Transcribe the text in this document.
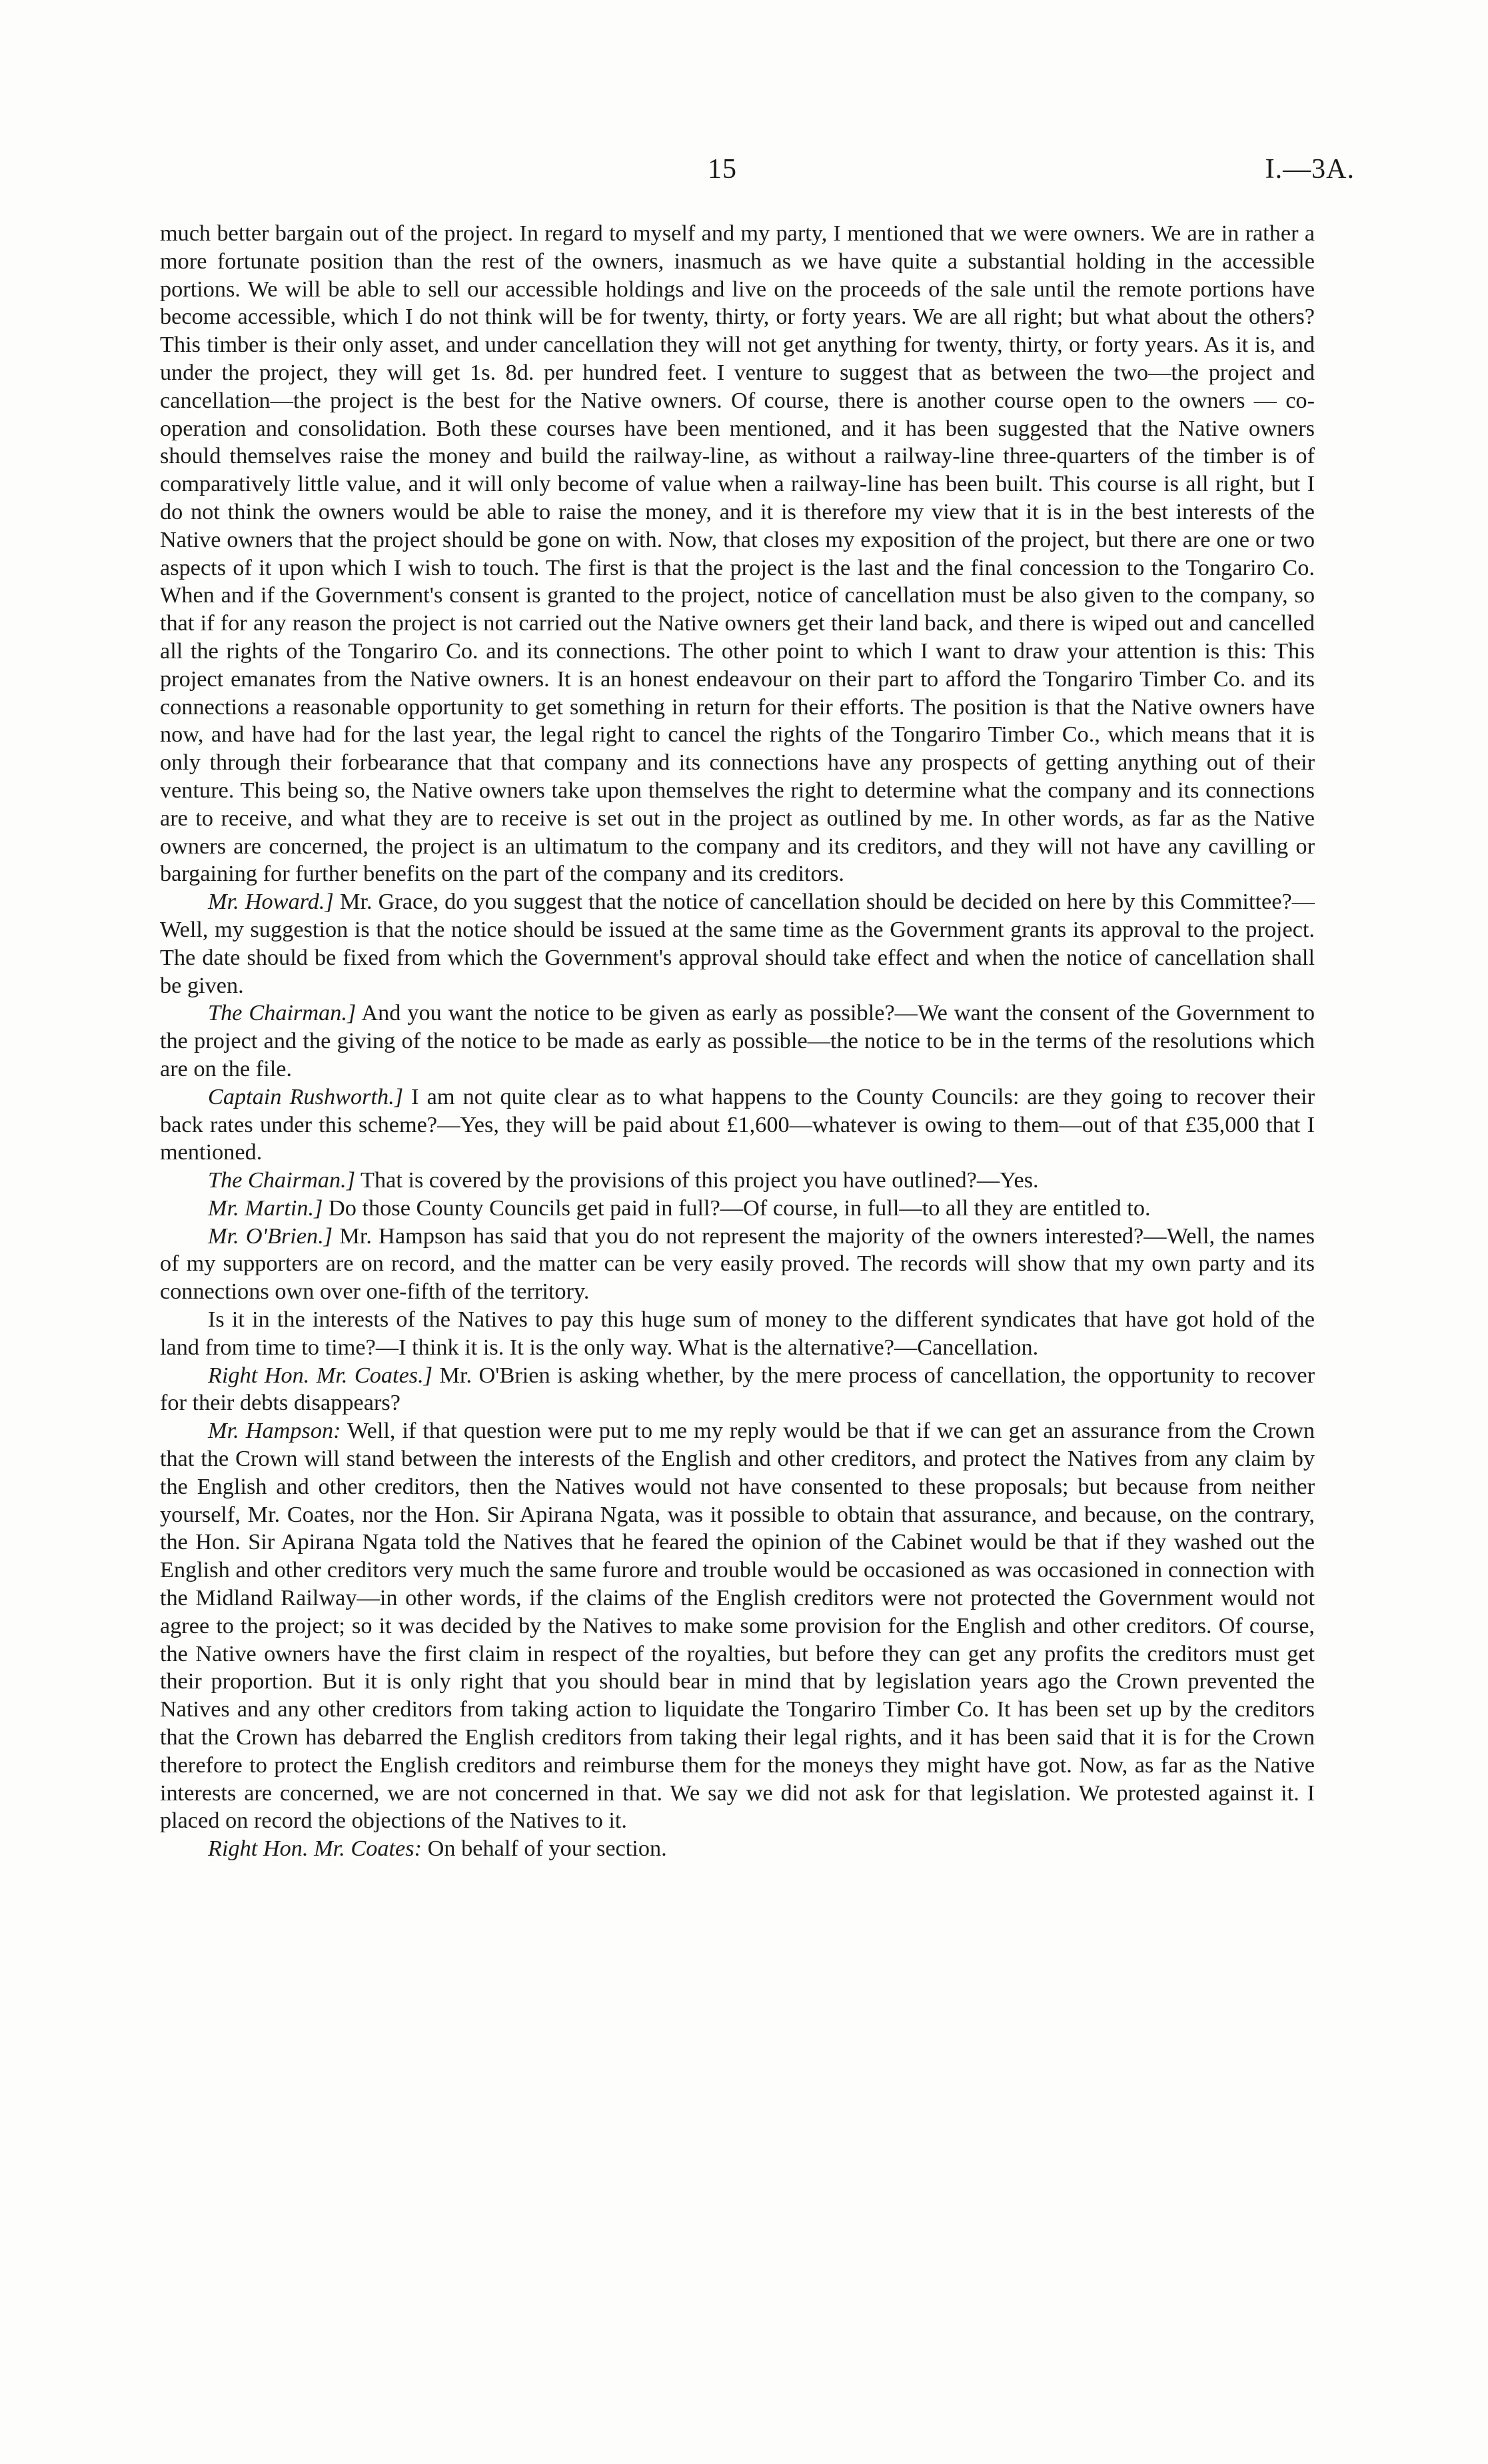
15	I.—3A.

much better bargain out of the project. In regard to myself and my party, I mentioned that we were owners. We are in rather a more fortunate position than the rest of the owners, inasmuch as we have quite a substantial holding in the accessible portions. We will be able to sell our accessible holdings and live on the proceeds of the sale until the remote portions have become accessible, which I do not think will be for twenty, thirty, or forty years. We are all right; but what about the others? This timber is their only asset, and under cancellation they will not get anything for twenty, thirty, or forty years. As it is, and under the project, they will get 1s. 8d. per hundred feet. I venture to suggest that as between the two—the project and cancellation—the project is the best for the Native owners. Of course, there is another course open to the owners — co-operation and consolidation. Both these courses have been mentioned, and it has been suggested that the Native owners should themselves raise the money and build the railway-line, as without a railway-line three-quarters of the timber is of comparatively little value, and it will only become of value when a railway-line has been built. This course is all right, but I do not think the owners would be able to raise the money, and it is therefore my view that it is in the best interests of the Native owners that the project should be gone on with. Now, that closes my exposition of the project, but there are one or two aspects of it upon which I wish to touch. The first is that the project is the last and the final concession to the Tongariro Co. When and if the Government's consent is granted to the project, notice of cancellation must be also given to the company, so that if for any reason the project is not carried out the Native owners get their land back, and there is wiped out and cancelled all the rights of the Tongariro Co. and its connections. The other point to which I want to draw your attention is this: This project emanates from the Native owners. It is an honest endeavour on their part to afford the Tongariro Timber Co. and its connections a reasonable opportunity to get something in return for their efforts. The position is that the Native owners have now, and have had for the last year, the legal right to cancel the rights of the Tongariro Timber Co., which means that it is only through their forbearance that that company and its connections have any prospects of getting anything out of their venture. This being so, the Native owners take upon themselves the right to determine what the company and its connections are to receive, and what they are to receive is set out in the project as outlined by me. In other words, as far as the Native owners are concerned, the project is an ultimatum to the company and its creditors, and they will not have any cavilling or bargaining for further benefits on the part of the company and its creditors.

Mr. Howard.] Mr. Grace, do you suggest that the notice of cancellation should be decided on here by this Committee?—Well, my suggestion is that the notice should be issued at the same time as the Government grants its approval to the project. The date should be fixed from which the Government's approval should take effect and when the notice of cancellation shall be given.

The Chairman.] And you want the notice to be given as early as possible?—We want the consent of the Government to the project and the giving of the notice to be made as early as possible—the notice to be in the terms of the resolutions which are on the file.

Captain Rushworth.] I am not quite clear as to what happens to the County Councils: are they going to recover their back rates under this scheme?—Yes, they will be paid about £1,600—whatever is owing to them—out of that £35,000 that I mentioned.

The Chairman.] That is covered by the provisions of this project you have outlined?—Yes.

Mr. Martin.] Do those County Councils get paid in full?—Of course, in full—to all they are entitled to.

Mr. O'Brien.] Mr. Hampson has said that you do not represent the majority of the owners interested?—Well, the names of my supporters are on record, and the matter can be very easily proved. The records will show that my own party and its connections own over one-fifth of the territory.

Is it in the interests of the Natives to pay this huge sum of money to the different syndicates that have got hold of the land from time to time?—I think it is. It is the only way. What is the alternative?—Cancellation.

Right Hon. Mr. Coates.] Mr. O'Brien is asking whether, by the mere process of cancellation, the opportunity to recover for their debts disappears?

Mr. Hampson: Well, if that question were put to me my reply would be that if we can get an assurance from the Crown that the Crown will stand between the interests of the English and other creditors, and protect the Natives from any claim by the English and other creditors, then the Natives would not have consented to these proposals; but because from neither yourself, Mr. Coates, nor the Hon. Sir Apirana Ngata, was it possible to obtain that assurance, and because, on the contrary, the Hon. Sir Apirana Ngata told the Natives that he feared the opinion of the Cabinet would be that if they washed out the English and other creditors very much the same furore and trouble would be occasioned as was occasioned in connection with the Midland Railway—in other words, if the claims of the English creditors were not protected the Government would not agree to the project; so it was decided by the Natives to make some provision for the English and other creditors. Of course, the Native owners have the first claim in respect of the royalties, but before they can get any profits the creditors must get their proportion. But it is only right that you should bear in mind that by legislation years ago the Crown prevented the Natives and any other creditors from taking action to liquidate the Tongariro Timber Co. It has been set up by the creditors that the Crown has debarred the English creditors from taking their legal rights, and it has been said that it is for the Crown therefore to protect the English creditors and reimburse them for the moneys they might have got. Now, as far as the Native interests are concerned, we are not concerned in that. We say we did not ask for that legislation. We protested against it. I placed on record the objections of the Natives to it.

Right Hon. Mr. Coates: On behalf of your section.
